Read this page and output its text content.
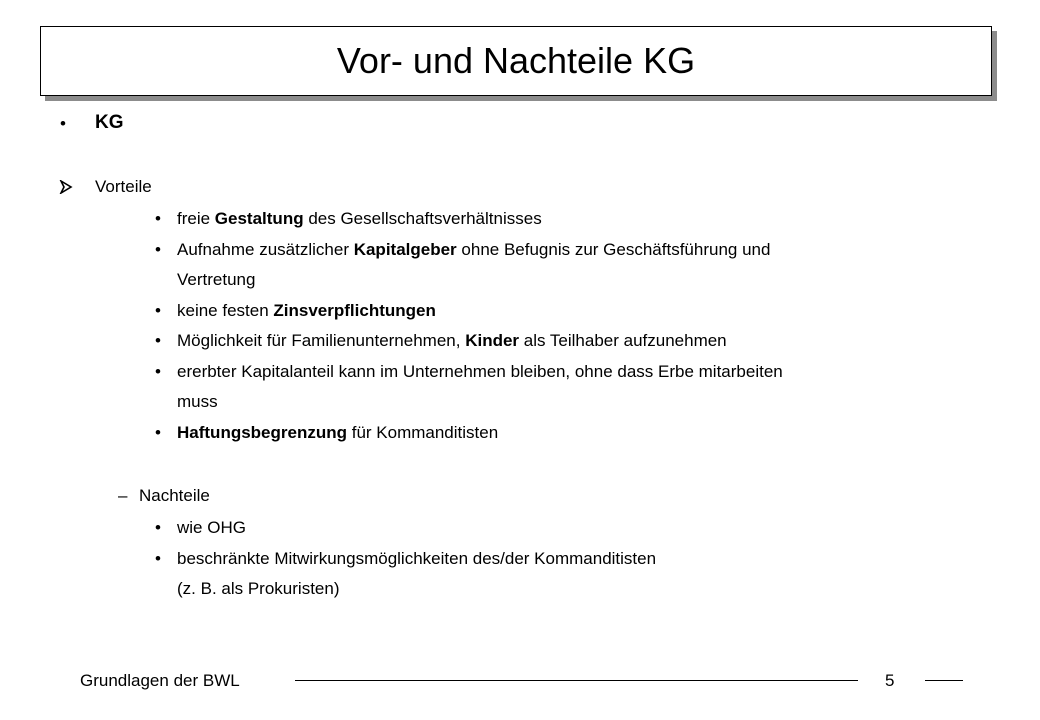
Vor- und Nachteile KG
• KG
Vorteile
• freie Gestaltung des Gesellschaftsverhältnisses
• Aufnahme zusätzlicher Kapitalgeber ohne Befugnis zur Geschäftsführung und
Vertretung
• keine festen Zinsverpflichtungen
• Möglichkeit für Familienunternehmen, Kinder als Teilhaber aufzunehmen
• ererbter Kapitalanteil kann im Unternehmen bleiben, ohne dass Erbe mitarbeiten
muss
• Haftungsbegrenzung für Kommanditisten
– Nachteile
• wie OHG
• beschränkte Mitwirkungsmöglichkeiten des/der Kommanditisten
(z. B. als Prokuristen)
Grundlagen der BWL	5
